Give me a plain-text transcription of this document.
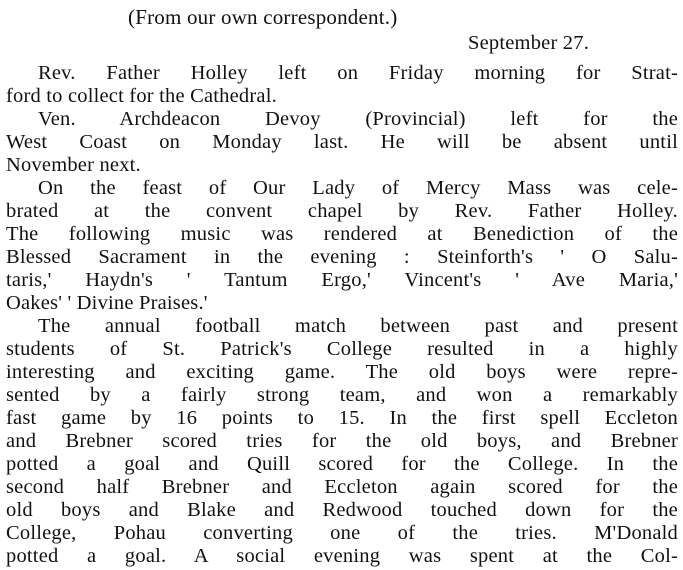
(From our own correspondent.)
September 27.
Rev. Father Holley left on Friday morning for Strat-
ford to collect for the Cathedral.
Ven. Archdeacon Devoy (Provincial) left for the
West Coast on Monday last. He will be absent until
November next.
On the feast of Our Lady of Mercy Mass was cele-
brated at the convent chapel by Rev. Father Holley.
The following music was rendered at Benediction of the
Blessed Sacrament in the evening : Steinforth's ' O Salu-
taris,' Haydn's ' Tantum Ergo,' Vincent's ' Ave Maria,'
Oakes' ' Divine Praises.'
The annual football match between past and present
students of St. Patrick's College resulted in a highly
interesting and exciting game. The old boys were repre-
sented by a fairly strong team, and won a remarkably
fast game by 16 points to 15. In the first spell Eccleton
and Brebner scored tries for the old boys, and Brebner
potted a goal and Quill scored for the College. In the
second half Brebner and Eccleton again scored for the
old boys and Blake and Redwood touched down for the
College, Pohau converting one of the tries. M'Donald
potted a goal. A social evening was spent at the Col-
